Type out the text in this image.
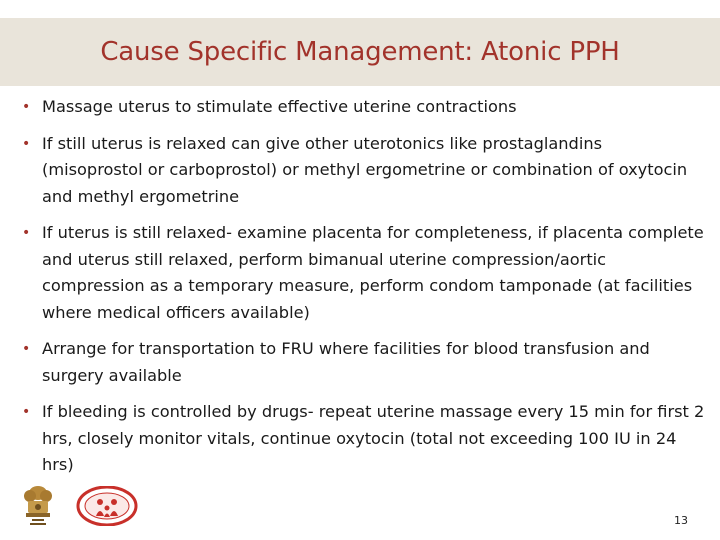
Cause Specific Management: Atonic PPH
• Massage uterus to stimulate effective uterine contractions
• If still uterus is relaxed can give other uterotonics like prostaglandins (misoprostol or carboprostol) or methyl ergometrine or combination of oxytocin and methyl ergometrine
• If uterus is still relaxed- examine placenta for completeness, if placenta complete and uterus still relaxed, perform bimanual uterine compression/aortic compression as a temporary measure, perform condom tamponade (at facilities where medical officers available)
• Arrange for transportation to FRU where facilities for blood transfusion and surgery available
• If bleeding is controlled by drugs- repeat uterine massage every 15 min for first 2 hrs, closely monitor vitals, continue oxytocin (total not exceeding 100 IU in 24 hrs)
13
